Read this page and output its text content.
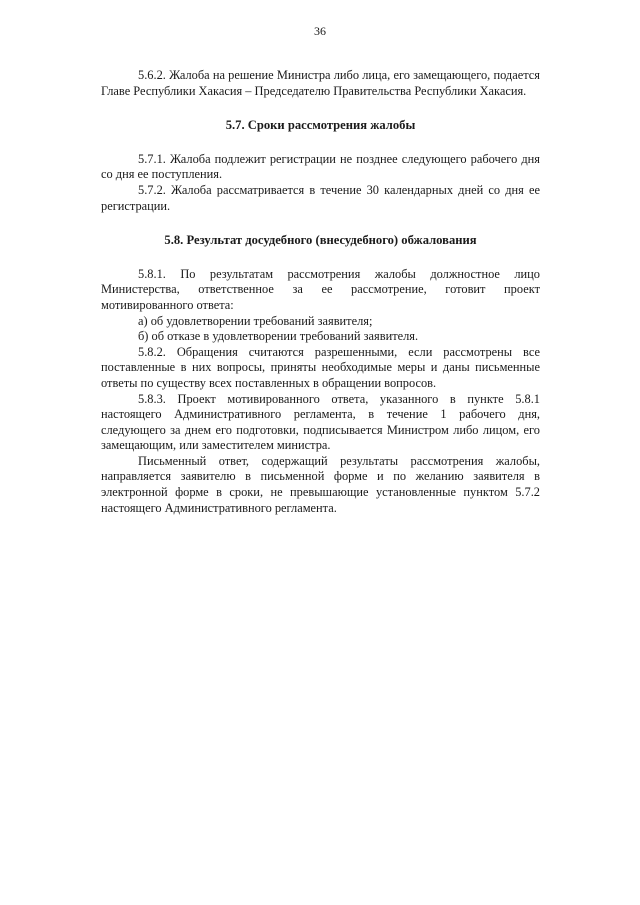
36

5.6.2. Жалоба на решение Министра либо лица, его замещающего, подается Главе Республики Хакасия – Председателю Правительства Республики Хакасия.

5.7. Сроки рассмотрения жалобы

5.7.1. Жалоба подлежит регистрации не позднее следующего рабочего дня со дня ее поступления.

5.7.2. Жалоба рассматривается в течение 30 календарных дней со дня ее регистрации.

5.8. Результат досудебного (внесудебного) обжалования

5.8.1. По результатам рассмотрения жалобы должностное лицо Министерства, ответственное за ее рассмотрение, готовит проект мотивированного ответа:

а) об удовлетворении требований заявителя;

б) об отказе в удовлетворении требований заявителя.

5.8.2. Обращения считаются разрешенными, если рассмотрены все поставленные в них вопросы, приняты необходимые меры и даны письменные ответы по существу всех поставленных в обращении вопросов.

5.8.3. Проект мотивированного ответа, указанного в пункте 5.8.1 настоящего Административного регламента, в течение 1 рабочего дня, следующего за днем его подготовки, подписывается Министром либо лицом, его замещающим, или заместителем министра.

Письменный ответ, содержащий результаты рассмотрения жалобы, направляется заявителю в письменной форме и по желанию заявителя в электронной форме в сроки, не превышающие установленные пунктом 5.7.2 настоящего Административного регламента.
